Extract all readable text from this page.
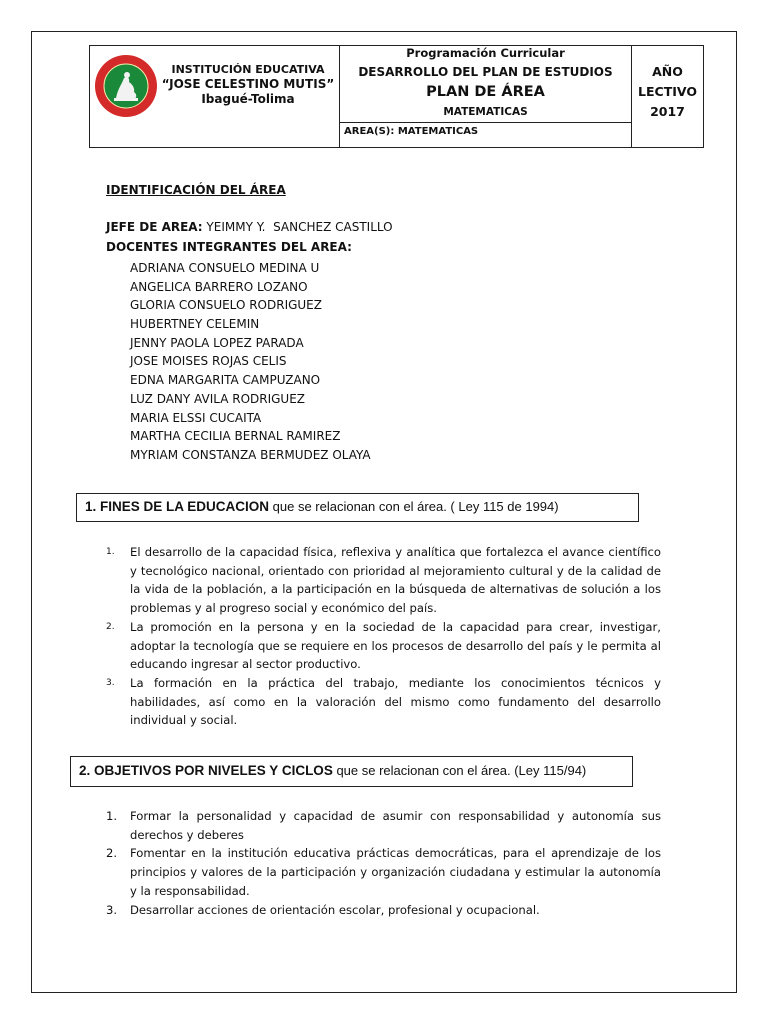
INSTITUCIÓN EDUCATIVA
“JOSE CELESTINO MUTIS”
Ibagué-Tolima
Programación Curricular
DESARROLLO DEL PLAN DE ESTUDIOS
PLAN DE ÁREA
MATEMATICAS
AREA(S): MATEMATICAS
AÑO
LECTIVO
2017
IDENTIFICACIÓN DEL ÁREA
JEFE DE AREA: YEIMMY Y.  SANCHEZ CASTILLO
DOCENTES INTEGRANTES DEL AREA:
ADRIANA CONSUELO MEDINA U
ANGELICA BARRERO LOZANO
GLORIA CONSUELO RODRIGUEZ
HUBERTNEY CELEMIN
JENNY PAOLA LOPEZ PARADA
JOSE MOISES ROJAS CELIS
EDNA MARGARITA CAMPUZANO
LUZ DANY AVILA RODRIGUEZ
MARIA ELSSI CUCAITA
MARTHA CECILIA BERNAL RAMIREZ
MYRIAM CONSTANZA BERMUDEZ OLAYA
1. FINES DE LA EDUCACION que se relacionan con el área. ( Ley 115 de 1994)
1. El desarrollo de la capacidad física, reflexiva y analítica que fortalezca el avance científico y tecnológico nacional, orientado con prioridad al mejoramiento cultural y de la calidad de la vida de la población, a la participación en la búsqueda de alternativas de solución a los problemas y al progreso social y económico del país.
2. La promoción en la persona y en la sociedad de la capacidad para crear, investigar, adoptar la tecnología que se requiere en los procesos de desarrollo del país y le permita al educando ingresar al sector productivo.
3. La formación en la práctica del trabajo, mediante los conocimientos técnicos y habilidades, así como en la valoración del mismo como fundamento del desarrollo individual y social.
2. OBJETIVOS POR NIVELES Y CICLOS que se relacionan con el área. (Ley 115/94)
1. Formar la personalidad y capacidad de asumir con responsabilidad y autonomía sus derechos y deberes
2. Fomentar en la institución educativa prácticas democráticas, para el aprendizaje de los principios y valores de la participación y organización ciudadana y estimular la autonomía y la responsabilidad.
3. Desarrollar acciones de orientación escolar, profesional y ocupacional.
